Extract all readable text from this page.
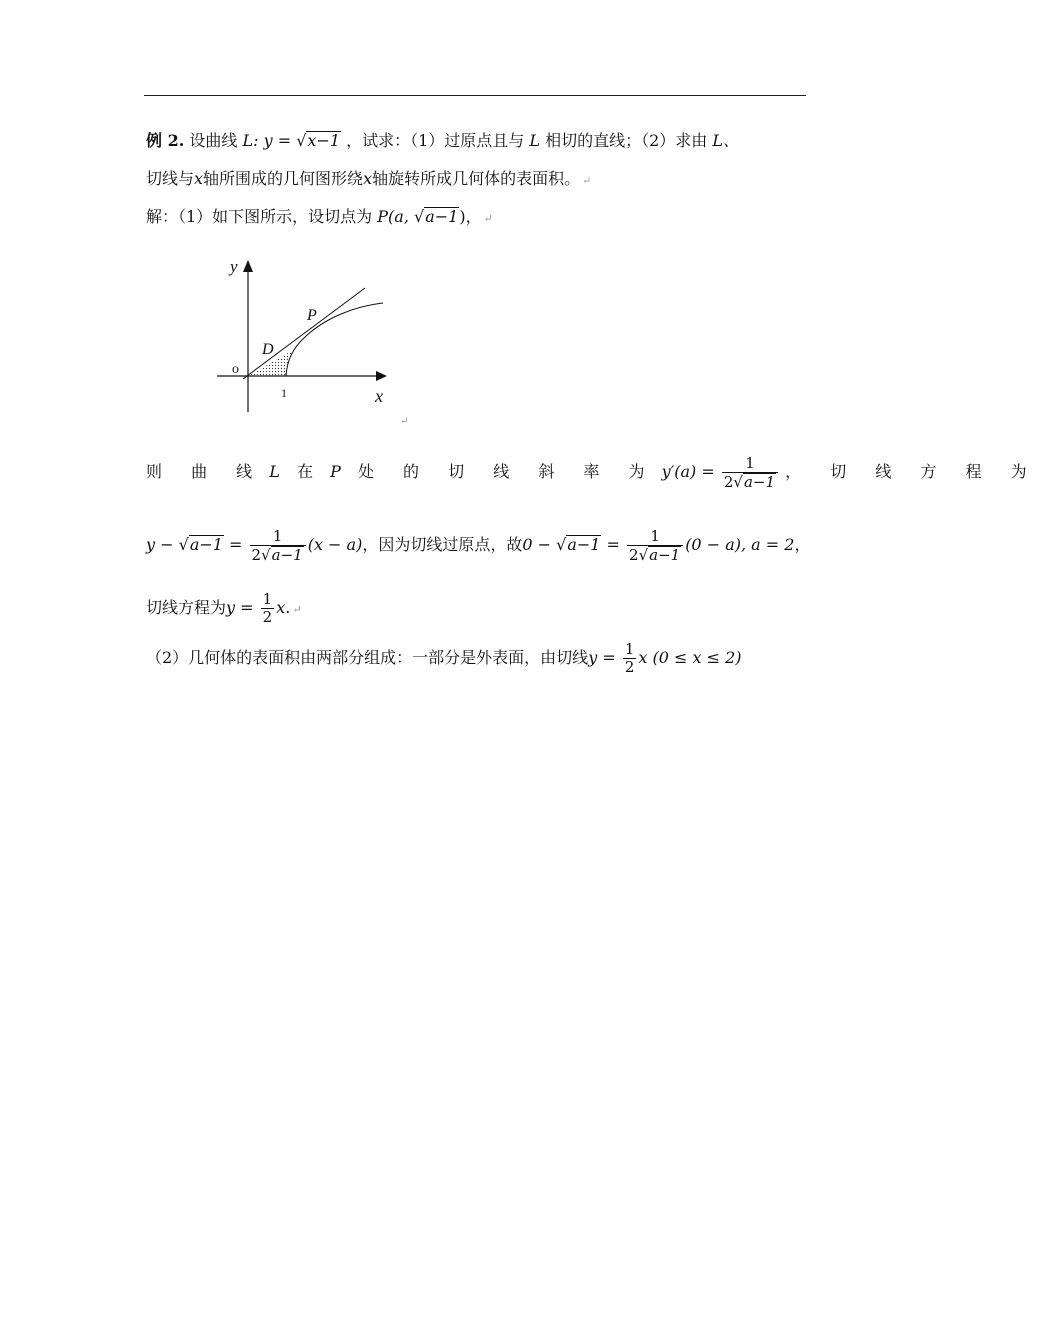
例 2. 设曲线 L: y = √x−1 ，试求：（1）过原点且与 L 相切的直线；（2）求由 L、
切线与x轴所围成的几何图形绕x轴旋转所成几何体的表面积。 ↵
解：（1）如下图所示，设切点为 P(a, √a−1)， ↵
y
x
o
P
D
1
↵
则 曲 线 L 在 P 处 的 切 线 斜 率 为 $y'(a) = \frac{1}{2√a-1}$ ， 切 线 方 程 为
$y - √a-1 = \frac{1}{2√a-1} (x - a)$，因为切线过原点，故$0 - √a-1 = \frac{1}{2√a-1} (0 - a)$, a = 2，
切线方程为$y = \frac{1}{2} x$. ↵
（2）几何体的表面积由两部分组成：一部分是外表面，由切线$y = \frac{1}{2}$ x (0 ≤ x ≤ 2)
